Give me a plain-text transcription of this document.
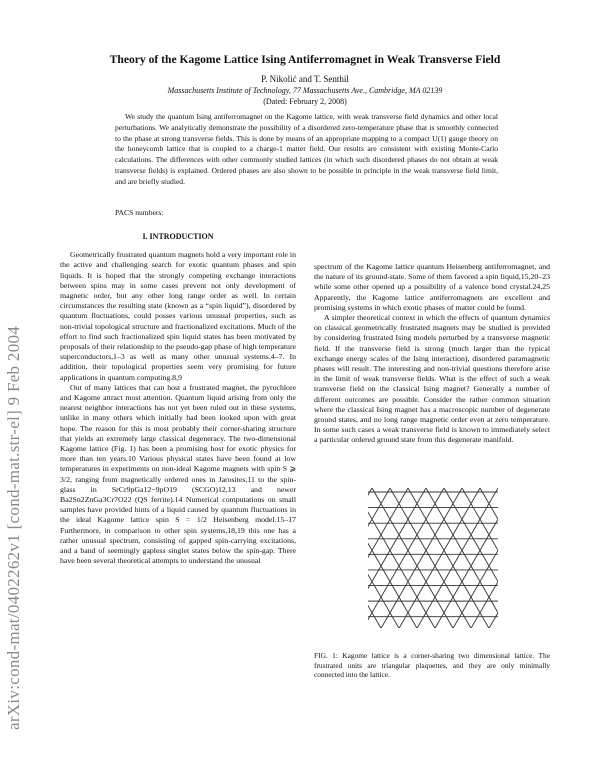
arXiv:cond-mat/0402262v1 [cond-mat.str-el] 9 Feb 2004
Theory of the Kagome Lattice Ising Antiferromagnet in Weak Transverse Field
P. Nikolić and T. Senthil
Massachusetts Institute of Technology, 77 Massachusetts Ave., Cambridge, MA 02139
(Dated: February 2, 2008)
We study the quantum Ising antiferromagnet on the Kagome lattice, with weak transverse field dynamics and other local perturbations. We analytically demonstrate the possibility of a disordered zero-temperature phase that is smoothly connected to the phase at strong transverse fields. This is done by means of an appropriate mapping to a compact U(1) gauge theory on the honeycomb lattice that is coupled to a charge-1 matter field. Our results are consistent with existing Monte-Carlo calculations. The differences with other commonly studied lattices (in which such disordered phases do not obtain at weak transverse fields) is explained. Ordered phases are also shown to be possible in principle in the weak transverse field limit, and are briefly studied.
PACS numbers:
I. INTRODUCTION

Geometrically frustrated quantum magnets hold a very important role in the active and challenging search for exotic quantum phases and spin liquids. It is hoped that the strongly competing exchange interactions between spins may in some cases prevent not only development of magnetic order, but any other long range order as well. In certain circumstances the resulting state (known as a “spin liquid”), disordered by quantum fluctuations, could posses various unusual properties, such as non-trivial topological structure and fractionalized excitations. Much of the effort to find such fractionalized spin liquid states has been motivated by proposals of their relationship to the pseudo-gap phase of high temperature superconductors,1–3 as well as many other unusual systems.4–7. In addition, their topological properties seem very promising for future applications in quantum computing.8,9

Out of many lattices that can host a frustrated magnet, the pyrochlore and Kagome attract most attention. Quantum liquid arising from only the nearest neighbor interactions has not yet been ruled out in these systems, unlike in many others which initially had been looked upon with great hope. The reason for this is most probably their corner-sharing structure that yields an extremely large classical degeneracy. The two-dimensional Kagome lattice (Fig. 1) has been a promising host for exotic physics for more than ten years.10 Various physical states have been found at low temperatures in experiments on non-ideal Kagome magnets with spin S ⩾ 3/2, ranging from magnetically ordered ones in Jarosites,11 to the spin-glass in SrCr9pGa12−9pO19 (SCGO)12,13 and newer Ba2Sn2ZnGa3Cr7O22 (QS ferrite).14 Numerical computations on small samples have provided hints of a liquid caused by quantum fluctuations in the ideal Kagome lattice spin S = 1/2 Heisenberg model.15–17 Furthermore, in comparison to other spin systems,18,19 this one has a rather unusual spectrum, consisting of gapped spin-carrying excitations, and a band of seemingly gapless singlet states below the spin-gap. There have been several theoretical attempts to understand the unusual

spectrum of the Kagome lattice quantum Heisenberg antiferromagnet, and the nature of its ground-state. Some of them favored a spin liquid,15,20–23 while some other opened up a possibility of a valence bond crystal.24,25 Apparently, the Kagome lattice antiferromagnets are excellent and promising systems in which exotic phases of matter could be found.

A simpler theoretical context in which the effects of quantum dynamics on classical geometrically frustrated magnets may be studied is provided by considering frustrated Ising models perturbed by a transverse magnetic field. If the transverse field is strong (much larger than the typical exchange energy scales of the Ising interaction), disordered paramagnetic phases will result. The interesting and non-trivial questions therefore arise in the limit of weak transverse fields. What is the effect of such a weak transverse field on the classical Ising magnet? Generally a number of different outcomes are possible. Consider the rather common situation where the classical Ising magnet has a macroscopic number of degenerate ground states, and no long range magnetic order even at zero temperature. In some such cases a weak transverse field is known to immediately select a particular ordered ground state from this degenerate manifold.

FIG. 1: Kagome lattice is a corner-sharing two dimensional lattice. The frustrated units are triangular plaquettes, and they are only minimally connected into the lattice.
